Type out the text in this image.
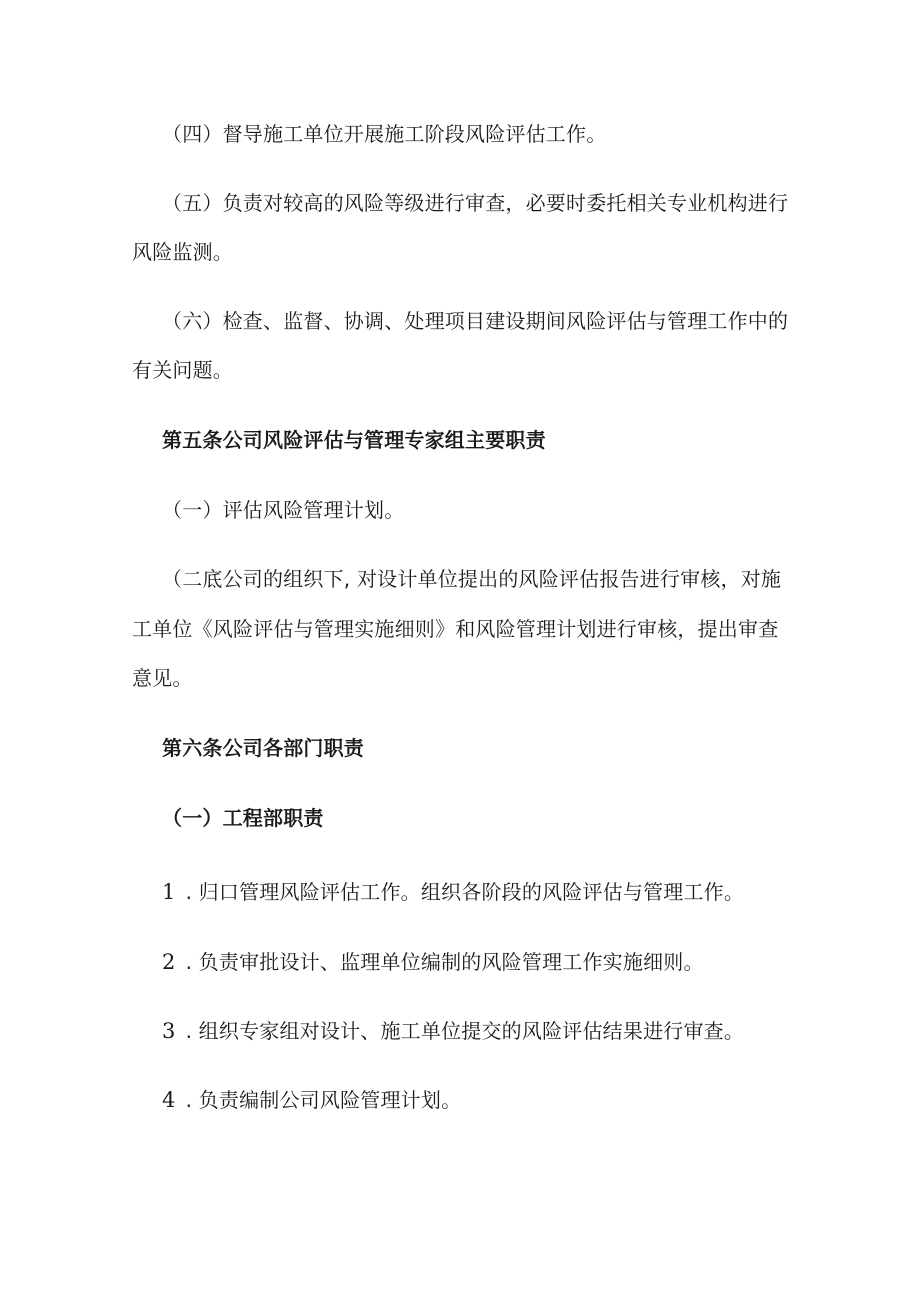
（四）督导施工单位开展施工阶段风险评估工作。
（五）负责对较高的风险等级进行审查，必要时委托相关专业机构进行
风险监测。
（六）检查、监督、协调、处理项目建设期间风险评估与管理工作中的
有关问题。
第五条公司风险评估与管理专家组主要职责
（一）评估风险管理计划。
（二底公司的组织下, 对设计单位提出的风险评估报告进行审核，对施
工单位《风险评估与管理实施细则》和风险管理计划进行审核，提出审查
意见。
第六条公司各部门职责
（一）工程部职责
1 . 归口管理风险评估工作。组织各阶段的风险评估与管理工作。
2 . 负责审批设计、监理单位编制的风险管理工作实施细则。
3 . 组织专家组对设计、施工单位提交的风险评估结果进行审查。
4 . 负责编制公司风险管理计划。
